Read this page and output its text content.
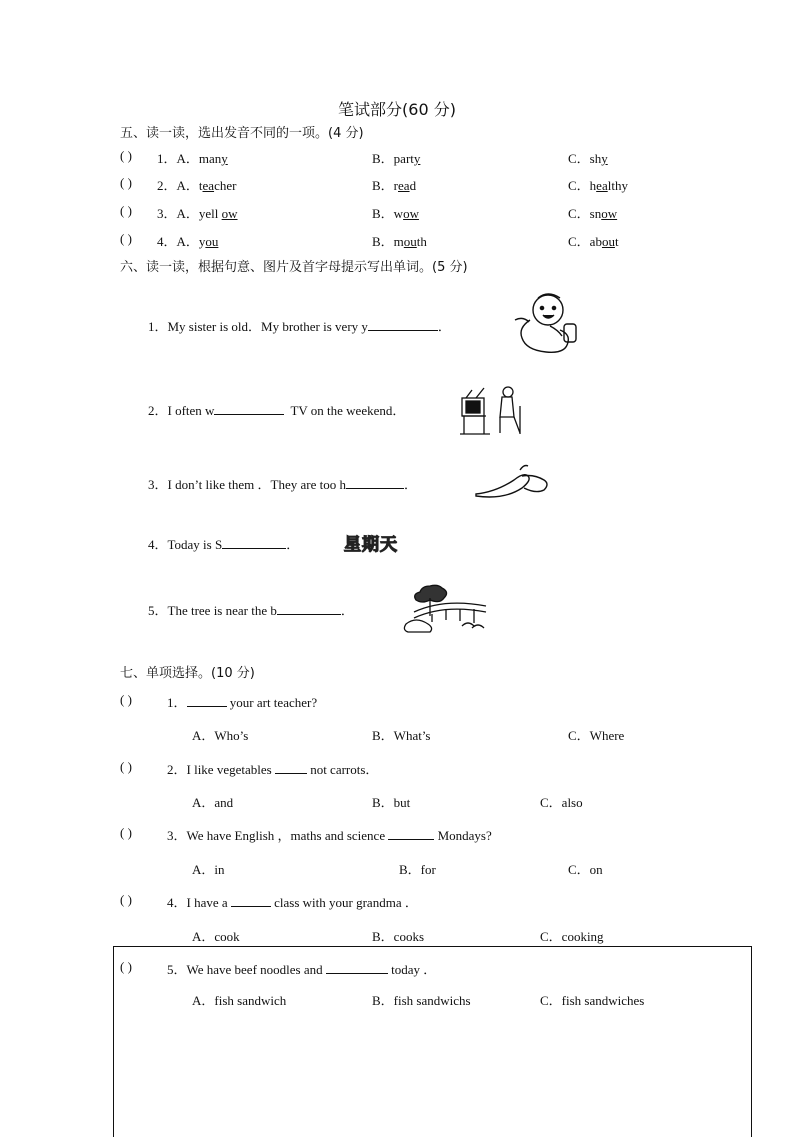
笔试部分(60 分)
五、读一读，选出发音不同的一项。(4 分)
( ) 1．A．many	B．party	C．shy
( ) 2．A．teacher	B．read	C．healthy
( ) 3．A．yell ow	B．wow	C．snow
( ) 4．A．you	B．mouth	C．about
六、读一读，根据句意、图片及首字母提示写出单词。(5 分)
1．My sister is old．My brother is very y	．
2．I often w	TV on the weekend．
3．I don’t like them ．They are too h	．
4．Today is S	．	星期天
5．The tree is near the b	．
七、单项选择。(10 分)
( )	1．	your art teacher?
A．Who’s	B．What’s	C．Where
( )	2．I like vegetables  not carrots．
A．and	B．but	C．also
( )	3．We have English ，maths and science	Mondays?
A．in	B．for	C．on
( )	4．I have a	class with your grandma ．
A．cook	B．cooks	C．cooking
( )	5．We have beef noodles and	today ．
A．fish sandwich	B．fish sandwichs	C．fish sandwiches
